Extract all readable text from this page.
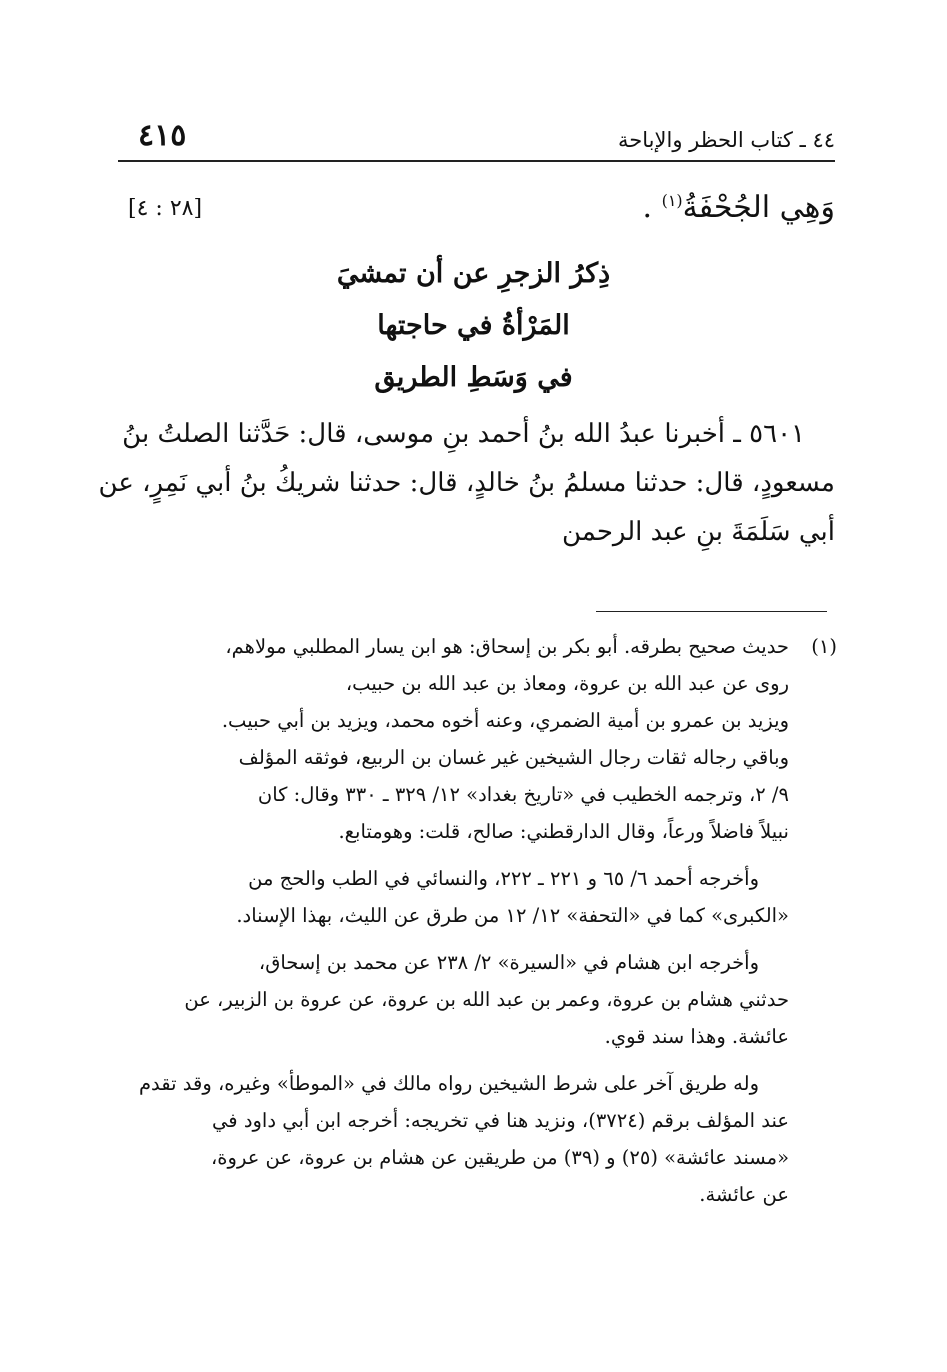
٤١٥	٤٤ ـ كتاب الحظر والإباحة
وَهِي الجُحْفَةُ$^{(١)}$ .
[٢٨ : ٤]
ذِكرُ الزجرِ عن أن تمشيَ
المَرْأةُ في حاجتها
في وَسَطِ الطريق
٥٦٠١ ـ أخبرنا عبدُ الله بنُ أحمد بنِ موسى، قال: حَدَّثنا الصلتُ بنُ
مسعودٍ، قال: حدثنا مسلمُ بنُ خالدٍ، قال: حدثنا شريكُ بنُ أبي نَمِرٍ، عن
أبي سَلَمَةَ بنِ عبد الرحمن
(١)
حديث صحيح بطرقه. أبو بكر بن إسحاق: هو ابن يسار المطلبي مولاهم،
روى عن عبد الله بن عروة، ومعاذ بن عبد الله بن حبيب،
ويزيد بن عمرو بن أمية الضمري، وعنه أخوه محمد، ويزيد بن أبي حبيب.
وباقي رجاله ثقات رجال الشيخين غير غسان بن الربيع، فوثقه المؤلف
٩/ ٢، وترجمه الخطيب في «تاريخ بغداد» ١٢/ ٣٢٩ ـ ٣٣٠ وقال: كان
نبيلاً فاضلاً ورعاً، وقال الدارقطني: صالح، قلت: وهومتابع.
وأخرجه أحمد ٦/ ٦٥ و ٢٢١ ـ ٢٢٢، والنسائي في الطب والحج من
«الكبرى» كما في «التحفة» ١٢/ ١٢ من طرق عن الليث، بهذا الإسناد.
وأخرجه ابن هشام في «السيرة» ٢/ ٢٣٨ عن محمد بن إسحاق،
حدثني هشام بن عروة، وعمر بن عبد الله بن عروة، عن عروة بن الزبير، عن
عائشة. وهذا سند قوي.
وله طريق آخر على شرط الشيخين رواه مالك في «الموطأ» وغيره، وقد تقدم
عند المؤلف برقم (٣٧٢٤)، ونزيد هنا في تخريجه: أخرجه ابن أبي داود في
«مسند عائشة» (٢٥) و (٣٩) من طريقين عن هشام بن عروة، عن عروة،
عن عائشة.
